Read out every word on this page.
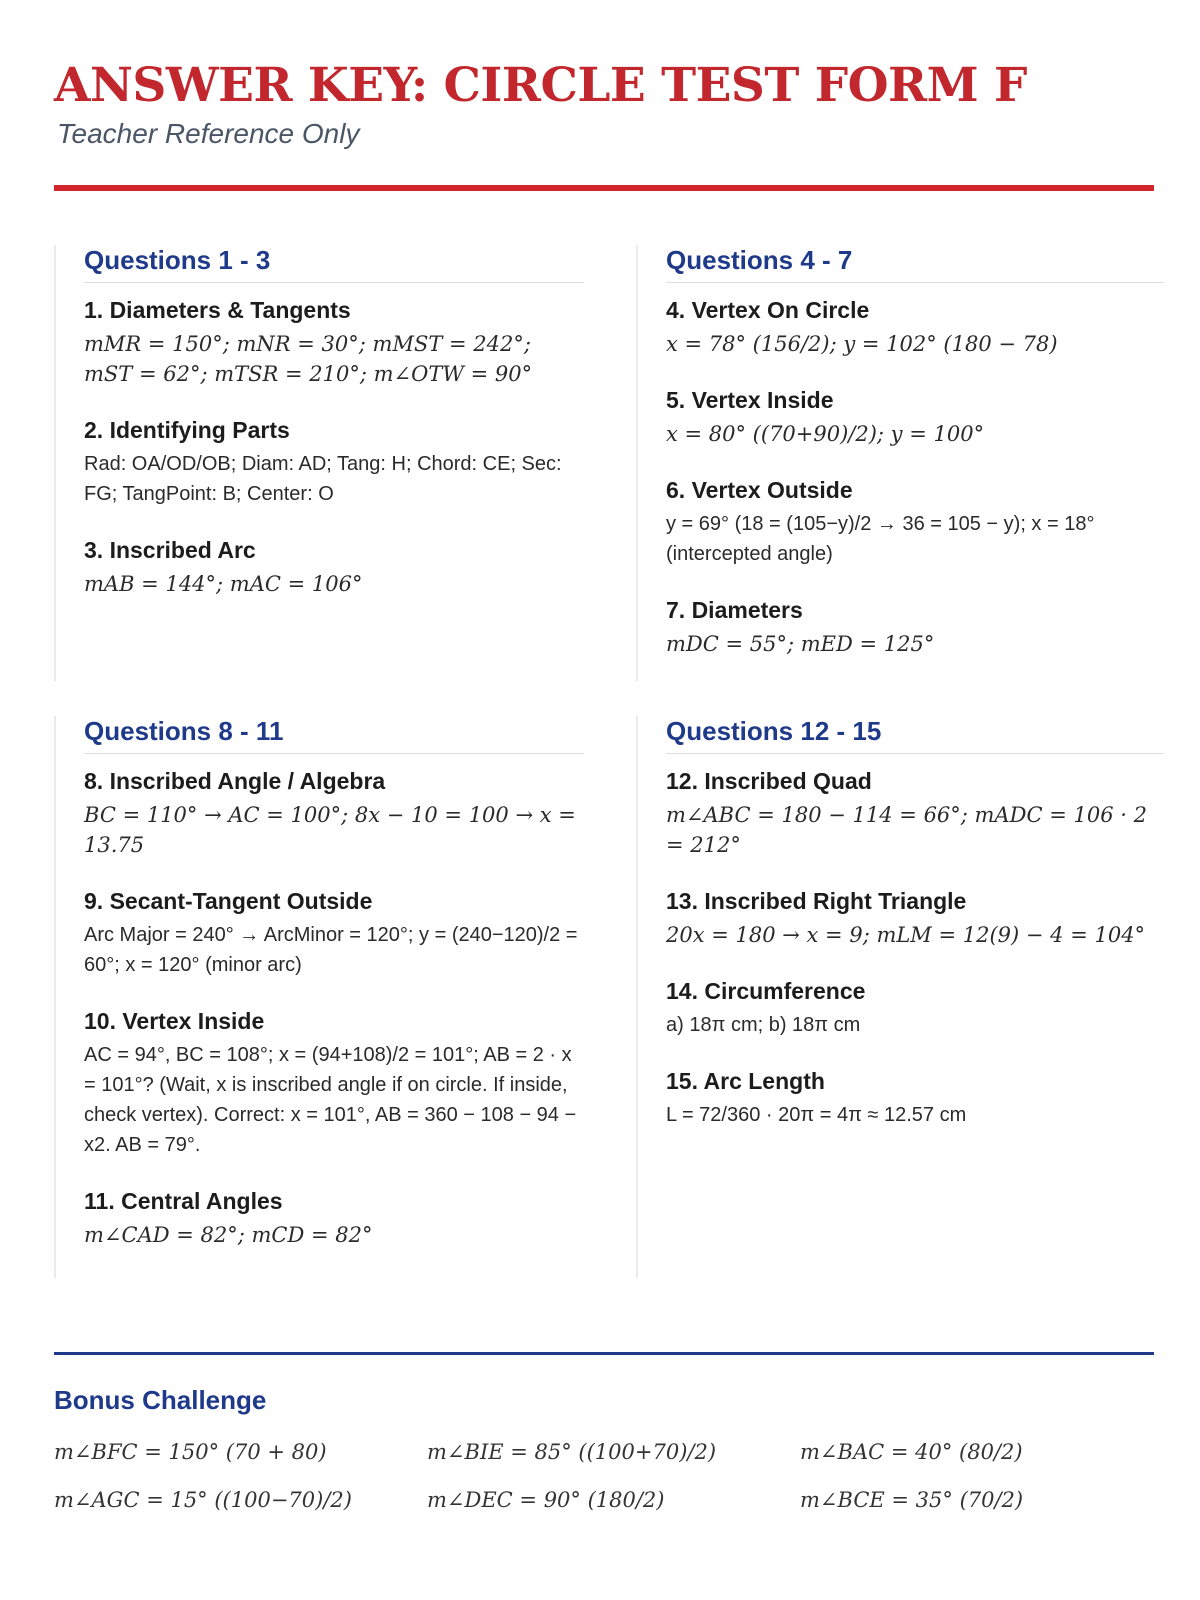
ANSWER KEY: CIRCLE TEST FORM F
Teacher Reference Only
Questions 1 - 3
1. Diameters & Tangents
mMR = 150°; mNR = 30°; mMST = 242°; mST = 62°; mTSR = 210°; m∠OTW = 90°
2. Identifying Parts
Rad: OA/OD/OB; Diam: AD; Tang: H; Chord: CE; Sec: FG; TangPoint: B; Center: O
3. Inscribed Arc
mAB = 144°; mAC = 106°
Questions 4 - 7
4. Vertex On Circle
x = 78° (156/2); y = 102° (180 − 78)
5. Vertex Inside
x = 80° ((70+90)/2); y = 100°
6. Vertex Outside
y = 69° (18 = (105−y)/2 → 36 = 105 − y); x = 18° (intercepted angle)
7. Diameters
mDC = 55°; mED = 125°
Questions 8 - 11
8. Inscribed Angle / Algebra
BC = 110° → AC = 100°; 8x − 10 = 100 → x = 13.75
9. Secant-Tangent Outside
Arc Major = 240° → ArcMinor = 120°; y = (240−120)/2 = 60°; x = 120° (minor arc)
10. Vertex Inside
AC = 94°, BC = 108°; x = (94+108)/2 = 101°; AB = 2 · x = 101°? (Wait, x is inscribed angle if on circle. If inside, check vertex). Correct: x = 101°, AB = 360 − 108 − 94 − x2. AB = 79°.
11. Central Angles
m∠CAD = 82°; mCD = 82°
Questions 12 - 15
12. Inscribed Quad
m∠ABC = 180 − 114 = 66°; mADC = 106 · 2 = 212°
13. Inscribed Right Triangle
20x = 180 → x = 9; mLM = 12(9) − 4 = 104°
14. Circumference
a) 18π cm; b) 18π cm
15. Arc Length
L = 72/360 · 20π = 4π ≈ 12.57 cm
Bonus Challenge
m∠BFC = 150° (70 + 80)	m∠BIE = 85° ((100+70)/2)	m∠BAC = 40° (80/2)
m∠AGC = 15° ((100−70)/2)	m∠DEC = 90° (180/2)	m∠BCE = 35° (70/2)
